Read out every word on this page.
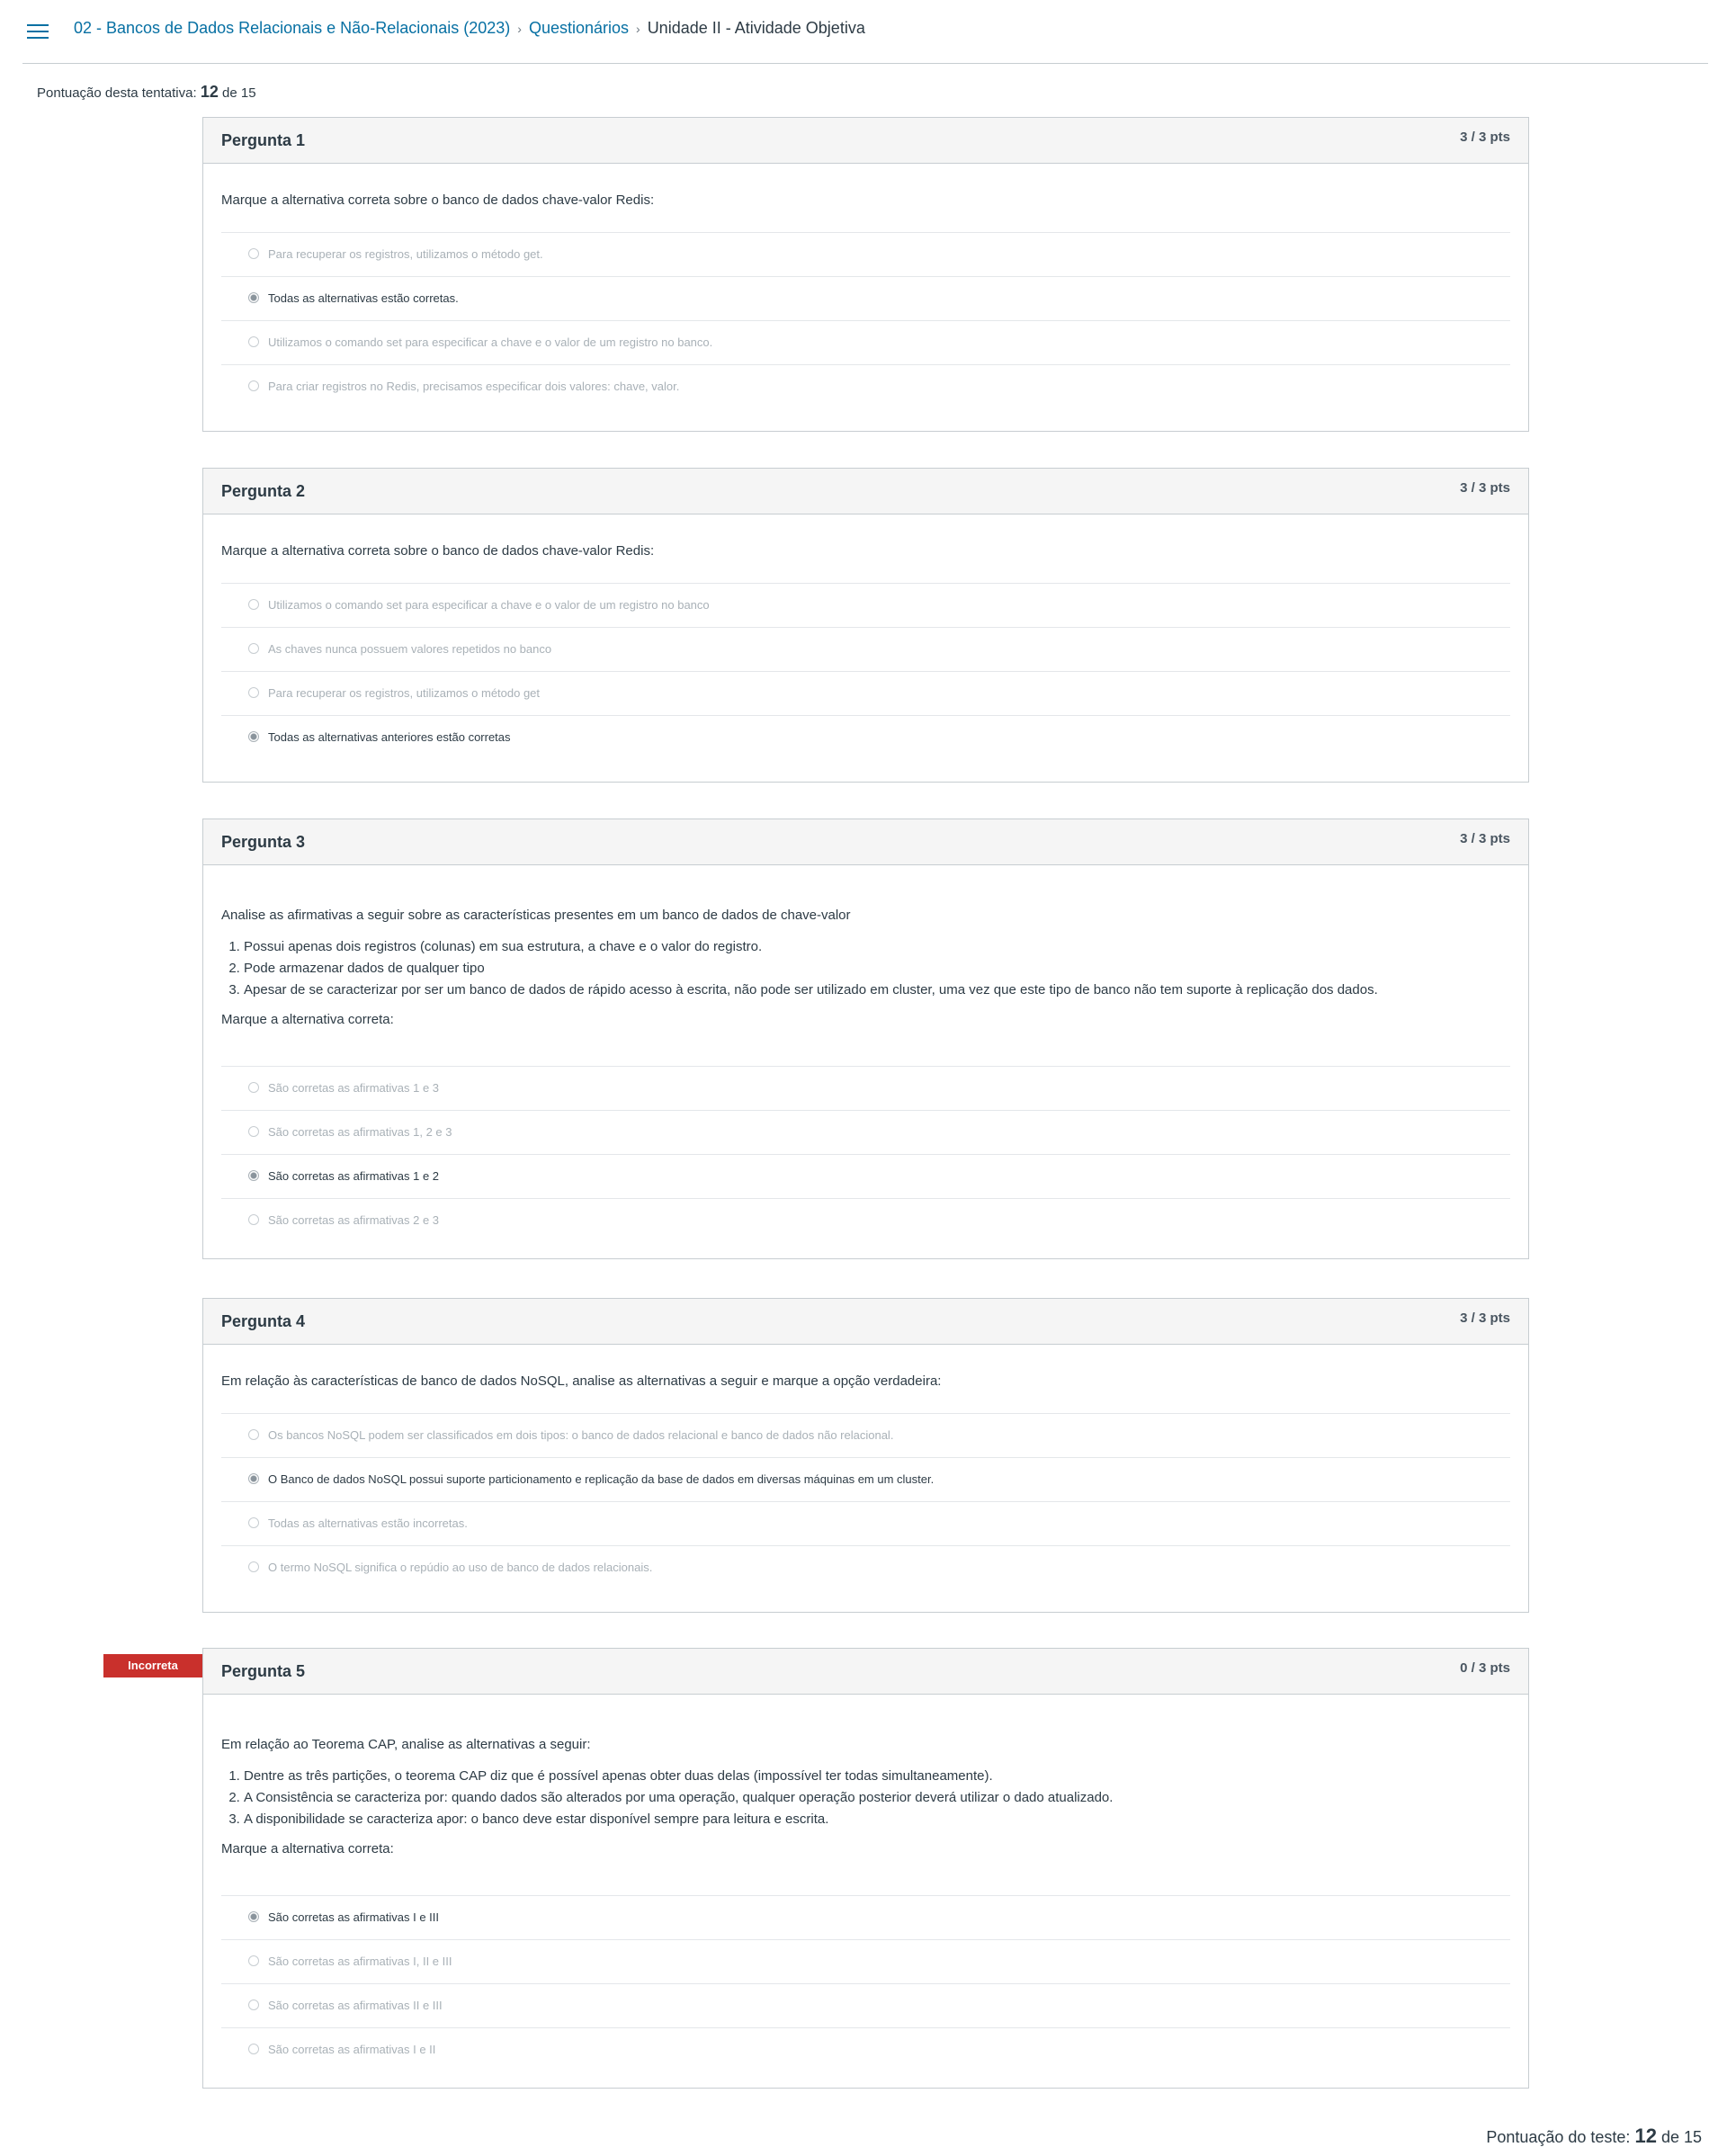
02 - Bancos de Dados Relacionais e Não-Relacionais (2023) › Questionários › Unidade II - Atividade Objetiva
Pontuação desta tentativa: 12 de 15
Pergunta 1	3 / 3 pts
Marque a alternativa correta sobre o banco de dados chave-valor Redis:
Para recuperar os registros, utilizamos o método get.
Todas as alternativas estão corretas.
Utilizamos o comando set para especificar a chave e o valor de um registro no banco.
Para criar registros no Redis, precisamos especificar dois valores: chave, valor.
Pergunta 2	3 / 3 pts
Marque a alternativa correta sobre o banco de dados chave-valor Redis:
Utilizamos o comando set para especificar a chave e o valor de um registro no banco
As chaves nunca possuem valores repetidos no banco
Para recuperar os registros, utilizamos o método get
Todas as alternativas anteriores estão corretas
Pergunta 3	3 / 3 pts
Analise as afirmativas a seguir sobre as características presentes em um banco de dados de chave-valor
1. Possui apenas dois registros (colunas) em sua estrutura, a chave e o valor do registro.
2. Pode armazenar dados de qualquer tipo
3. Apesar de se caracterizar por ser um banco de dados de rápido acesso à escrita, não pode ser utilizado em cluster, uma vez que este tipo de banco não tem suporte à replicação dos dados.
Marque a alternativa correta:
São corretas as afirmativas 1 e 3
São corretas as afirmativas 1, 2 e 3
São corretas as afirmativas 1 e 2
São corretas as afirmativas 2 e 3
Pergunta 4	3 / 3 pts
Em relação às características de banco de dados NoSQL, analise as alternativas a seguir e marque a opção verdadeira:
Os bancos NoSQL podem ser classificados em dois tipos: o banco de dados relacional e banco de dados não relacional.
O Banco de dados NoSQL possui suporte particionamento e replicação da base de dados em diversas máquinas em um cluster.
Todas as alternativas estão incorretas.
O termo NoSQL significa o repúdio ao uso de banco de dados relacionais.
Incorreta	Pergunta 5	0 / 3 pts
Em relação ao Teorema CAP, analise as alternativas a seguir:
1. Dentre as três partições, o teorema CAP diz que é possível apenas obter duas delas (impossível ter todas simultaneamente).
2. A Consistência se caracteriza por: quando dados são alterados por uma operação, qualquer operação posterior deverá utilizar o dado atualizado.
3. A disponibilidade se caracteriza apor: o banco deve estar disponível sempre para leitura e escrita.
Marque a alternativa correta:
São corretas as afirmativas I e III
São corretas as afirmativas I, II e III
São corretas as afirmativas II e III
São corretas as afirmativas I e II
Pontuação do teste: 12 de 15
